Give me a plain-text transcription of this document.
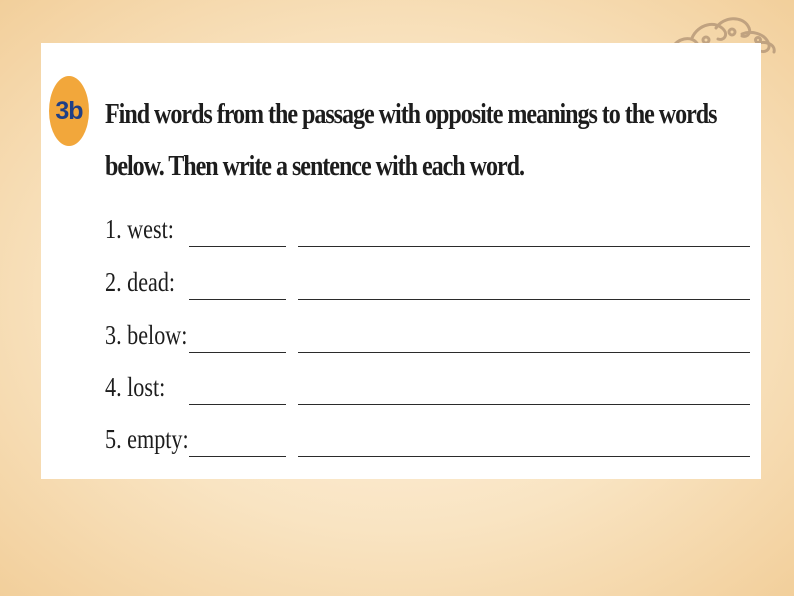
3b Find words from the passage with opposite meanings to the words
below. Then write a sentence with each word.

1. west:
2. dead:
3. below:
4. lost:
5. empty:
